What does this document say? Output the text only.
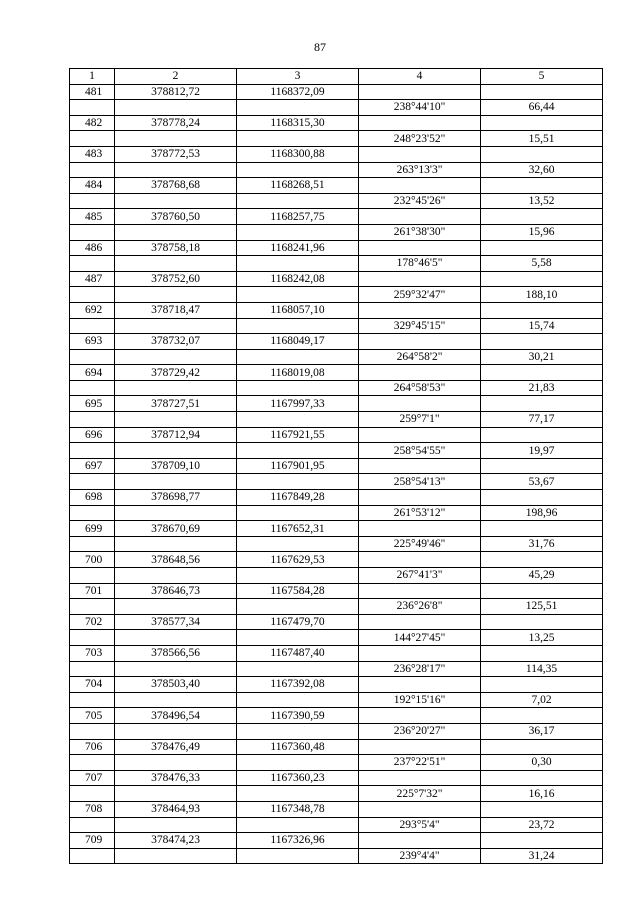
87
1	2	3	4	5
481	378812,72	1168372,09		
			238°44'10"	66,44
482	378778,24	1168315,30		
			248°23'52"	15,51
483	378772,53	1168300,88		
			263°13'3"	32,60
484	378768,68	1168268,51		
			232°45'26"	13,52
485	378760,50	1168257,75		
			261°38'30"	15,96
486	378758,18	1168241,96		
			178°46'5"	5,58
487	378752,60	1168242,08		
			259°32'47"	188,10
692	378718,47	1168057,10		
			329°45'15"	15,74
693	378732,07	1168049,17		
			264°58'2"	30,21
694	378729,42	1168019,08		
			264°58'53"	21,83
695	378727,51	1167997,33		
			259°7'1"	77,17
696	378712,94	1167921,55		
			258°54'55"	19,97
697	378709,10	1167901,95		
			258°54'13"	53,67
698	378698,77	1167849,28		
			261°53'12"	198,96
699	378670,69	1167652,31		
			225°49'46"	31,76
700	378648,56	1167629,53		
			267°41'3"	45,29
701	378646,73	1167584,28		
			236°26'8"	125,51
702	378577,34	1167479,70		
			144°27'45"	13,25
703	378566,56	1167487,40		
			236°28'17"	114,35
704	378503,40	1167392,08		
			192°15'16"	7,02
705	378496,54	1167390,59		
			236°20'27"	36,17
706	378476,49	1167360,48		
			237°22'51"	0,30
707	378476,33	1167360,23		
			225°7'32"	16,16
708	378464,93	1167348,78		
			293°5'4"	23,72
709	378474,23	1167326,96		
			239°4'4"	31,24
